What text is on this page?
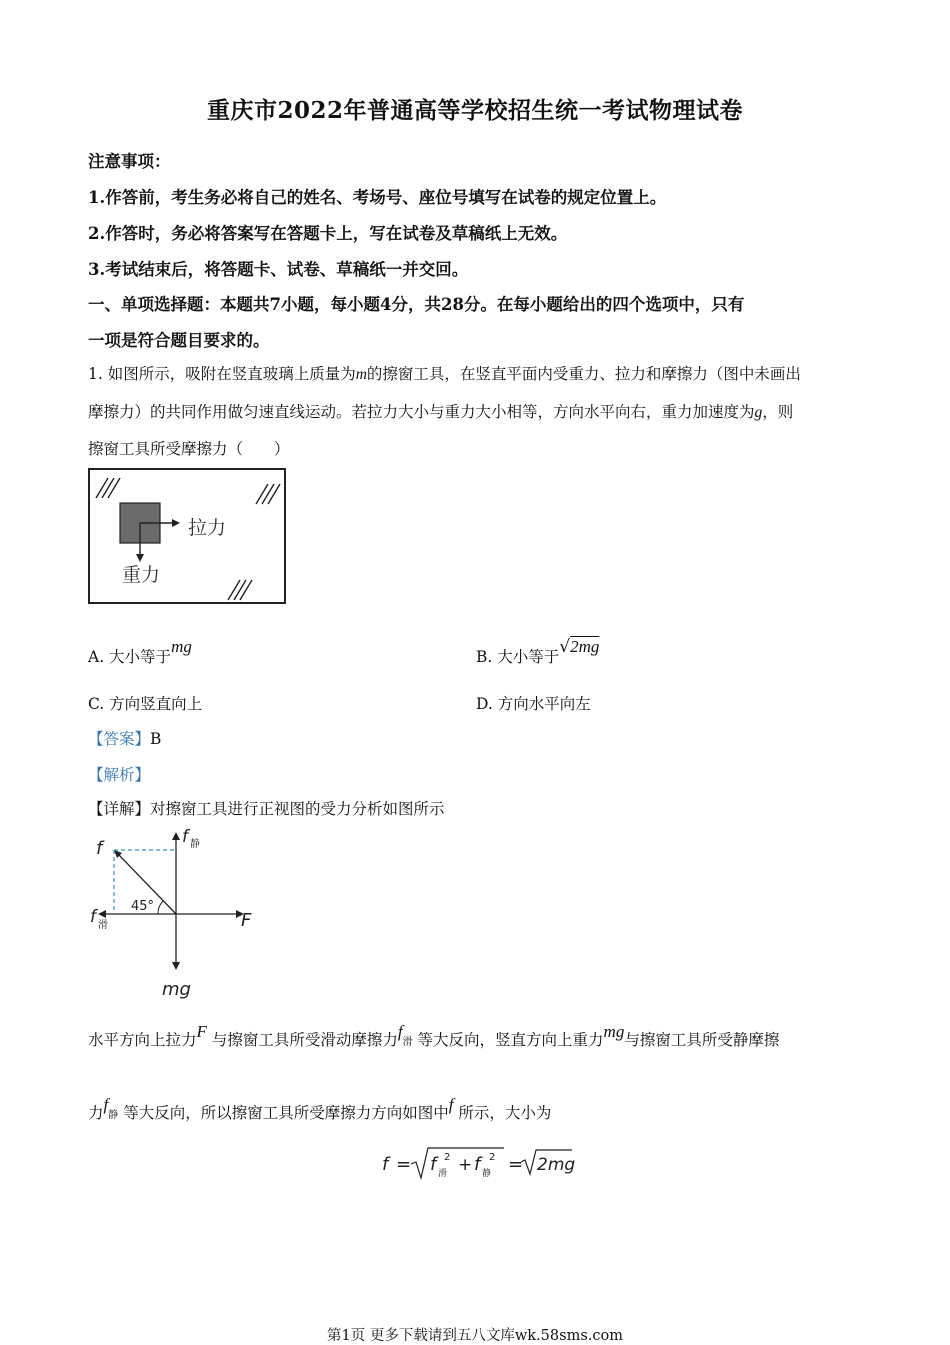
重庆市2022年普通高等学校招生统一考试物理试卷
注意事项：
1.作答前，考生务必将自己的姓名、考场号、座位号填写在试卷的规定位置上。
2.作答时，务必将答案写在答题卡上，写在试卷及草稿纸上无效。
3.考试结束后，将答题卡、试卷、草稿纸一并交回。
一、单项选择题：本题共7小题，每小题4分，共28分。在每小题给出的四个选项中，只有
一项是符合题目要求的。
1. 如图所示，吸附在竖直玻璃上质量为m的擦窗工具，在竖直平面内受重力、拉力和摩擦力（图中未画出
摩擦力）的共同作用做匀速直线运动。若拉力大小与重力大小相等，方向水平向右，重力加速度为g，则
擦窗工具所受摩擦力（　　）
拉力
重力
A. 大小等于mg
B. 大小等于√2mg
C. 方向竖直向上	D. 方向水平向左
【答案】B
【解析】
【详解】对擦窗工具进行正视图的受力分析如图所示
45°
f
f 静
f 滑	F
mg
水平方向上拉力F 与擦窗工具所受滑动摩擦力f滑 等大反向，竖直方向上重力mg与擦窗工具所受静摩擦
力f静 等大反向，所以擦窗工具所受摩擦力方向如图中f 所示，大小为
f = f 滑
2 + f 静
2 = 2mg
第1页 更多下载请到五八文库wk.58sms.com
